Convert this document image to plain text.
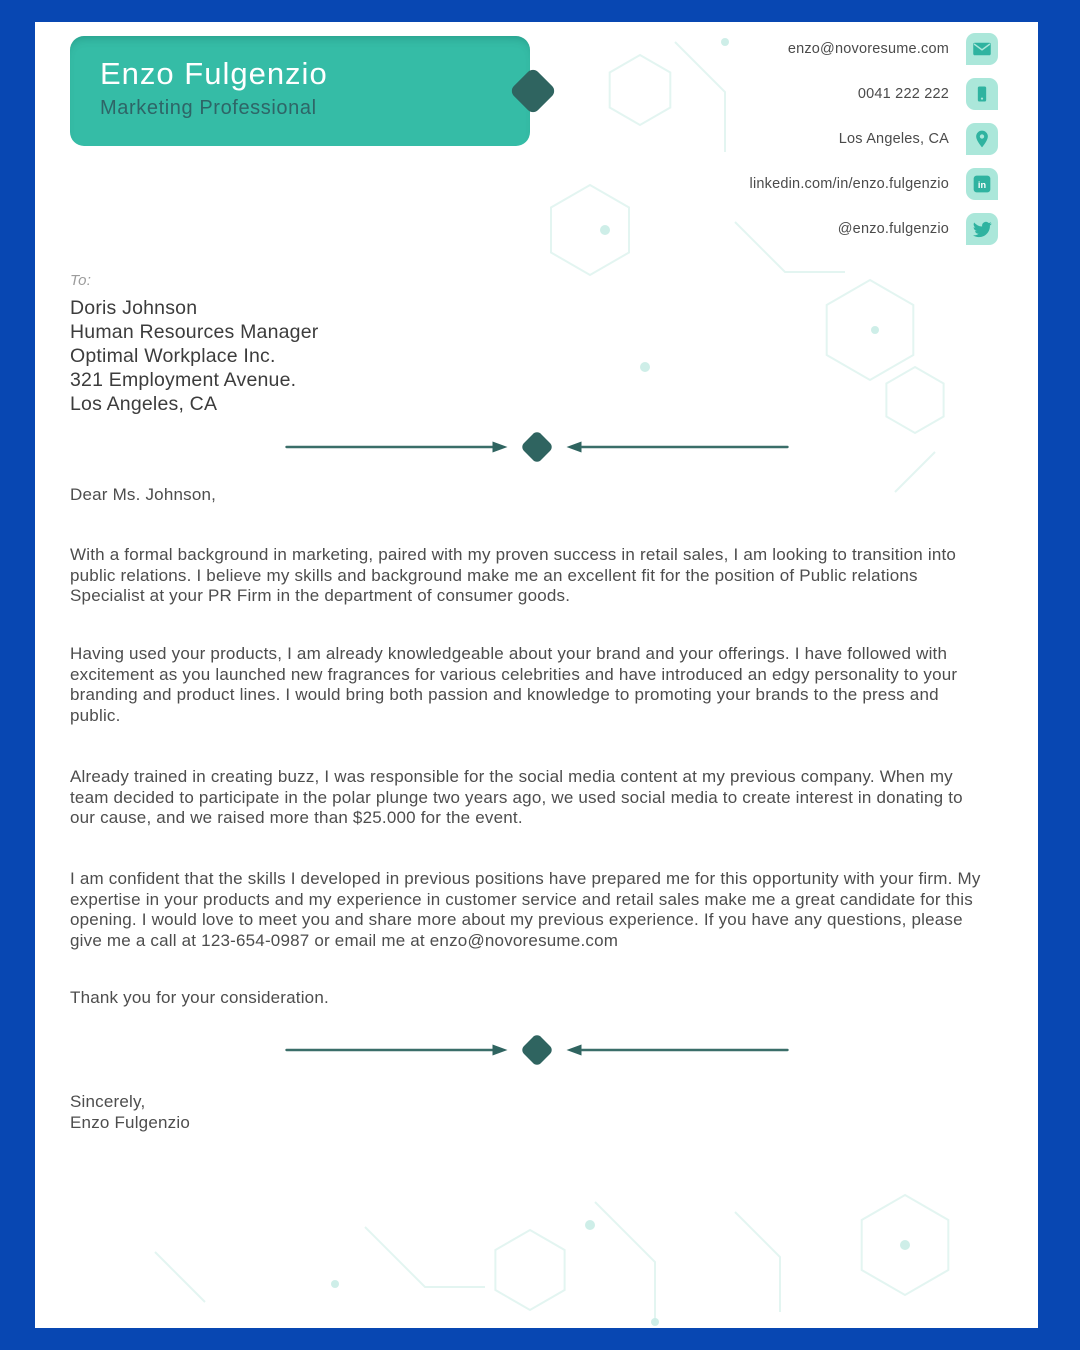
Enzo Fulgenzio
Marketing Professional
enzo@novoresume.com
0041 222 222
Los Angeles, CA
linkedin.com/in/enzo.fulgenzio	in
@enzo.fulgenzio
To:
Doris Johnson
Human Resources Manager
Optimal Workplace Inc.
321 Employment Avenue.
Los Angeles, CA

Dear Ms. Johnson,

With a formal background in marketing, paired with my proven success in retail sales, I am looking to transition into public relations. I believe my skills and background make me an excellent fit for the position of Public relations Specialist at your PR Firm in the department of consumer goods.

Having used your products, I am already knowledgeable about your brand and your offerings. I have followed with excitement as you launched new fragrances for various celebrities and have introduced an edgy personality to your branding and product lines. I would bring both passion and knowledge to promoting your brands to the press and public.

Already trained in creating buzz, I was responsible for the social media content at my previous company. When my team decided to participate in the polar plunge two years ago, we used social media to create interest in donating to our cause, and we raised more than $25.000 for the event.

I am confident that the skills I developed in previous positions have prepared me for this opportunity with your firm. My expertise in your products and my experience in customer service and retail sales make me a great candidate for this opening. I would love to meet you and share more about my previous experience. If you have any questions, please give me a call at 123-654-0987 or email me at enzo@novoresume.com

Thank you for your consideration.

Sincerely,
Enzo Fulgenzio
